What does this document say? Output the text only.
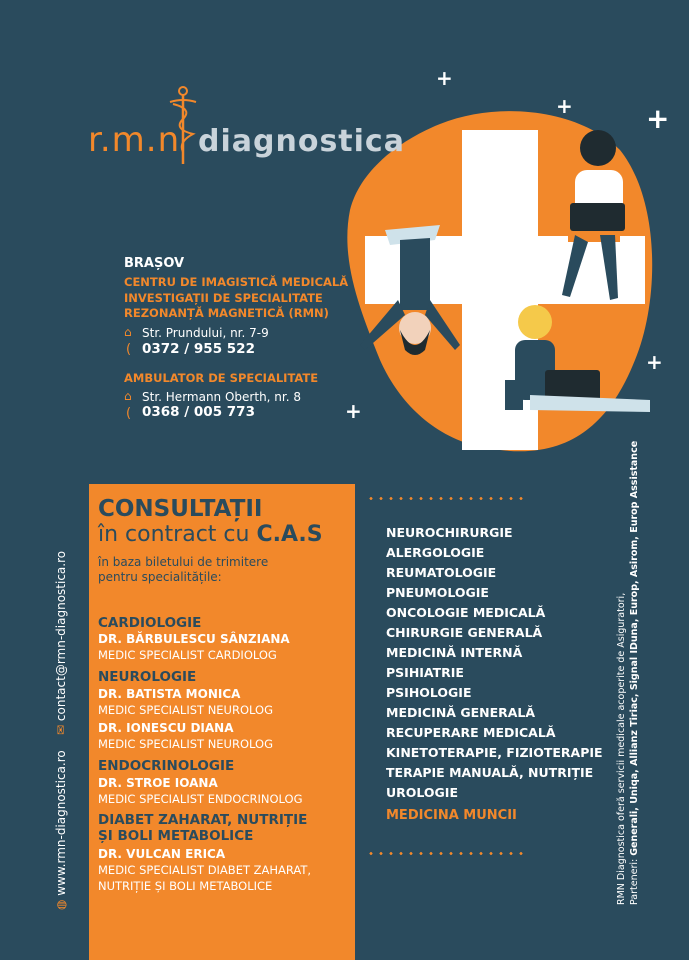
+
+	+
+
+
r.m.n diagnostica
BRAȘOV
CENTRU DE IMAGISTICĂ MEDICALĂ
INVESTIGAȚII DE SPECIALITATE
REZONANȚĂ MAGNETICĂ (RMN)
⌂ Str. Prundului, nr. 7-9
( 0372 / 955 522
AMBULATOR DE SPECIALITATE
⌂ Str. Hermann Oberth, nr. 8
( 0368 / 005 773
CONSULTAȚII
în contract cu C.A.S
în baza biletului de trimitere
pentru specialitățile:
CARDIOLOGIE
DR. BĂRBULESCU SÂNZIANA
MEDIC SPECIALIST CARDIOLOG
NEUROLOGIE
DR. BATISTA MONICA
MEDIC SPECIALIST NEUROLOG
DR. IONESCU DIANA
MEDIC SPECIALIST NEUROLOG
ENDOCRINOLOGIE
DR. STROE IOANA
MEDIC SPECIALIST ENDOCRINOLOG
DIABET ZAHARAT, NUTRIȚIE
ȘI BOLI METABOLICE
DR. VULCAN ERICA
MEDIC SPECIALIST DIABET ZAHARAT,
NUTRIȚIE ȘI BOLI METABOLICE
NEUROCHIRURGIE
ALERGOLOGIE
REUMATOLOGIE
PNEUMOLOGIE
ONCOLOGIE MEDICALĂ
CHIRURGIE GENERALĂ
MEDICINĂ INTERNĂ
PSIHIATRIE
PSIHOLOGIE
MEDICINĂ GENERALĂ
RECUPERARE MEDICALĂ
KINETOTERAPIE, FIZIOTERAPIE
TERAPIE MANUALĂ, NUTRIȚIE
UROLOGIE
MEDICINA MUNCII
◍ www.rmn-diagnostica.ro    ✉ contact@rmn-diagnostica.ro	RMN Diagnostica oferă servicii medicale acoperite de Asiguratori, Parteneri: Generali, Uniqa, Allianz Tiriac, Signal IDuna, Europ, Asirom, Europ Assistance
